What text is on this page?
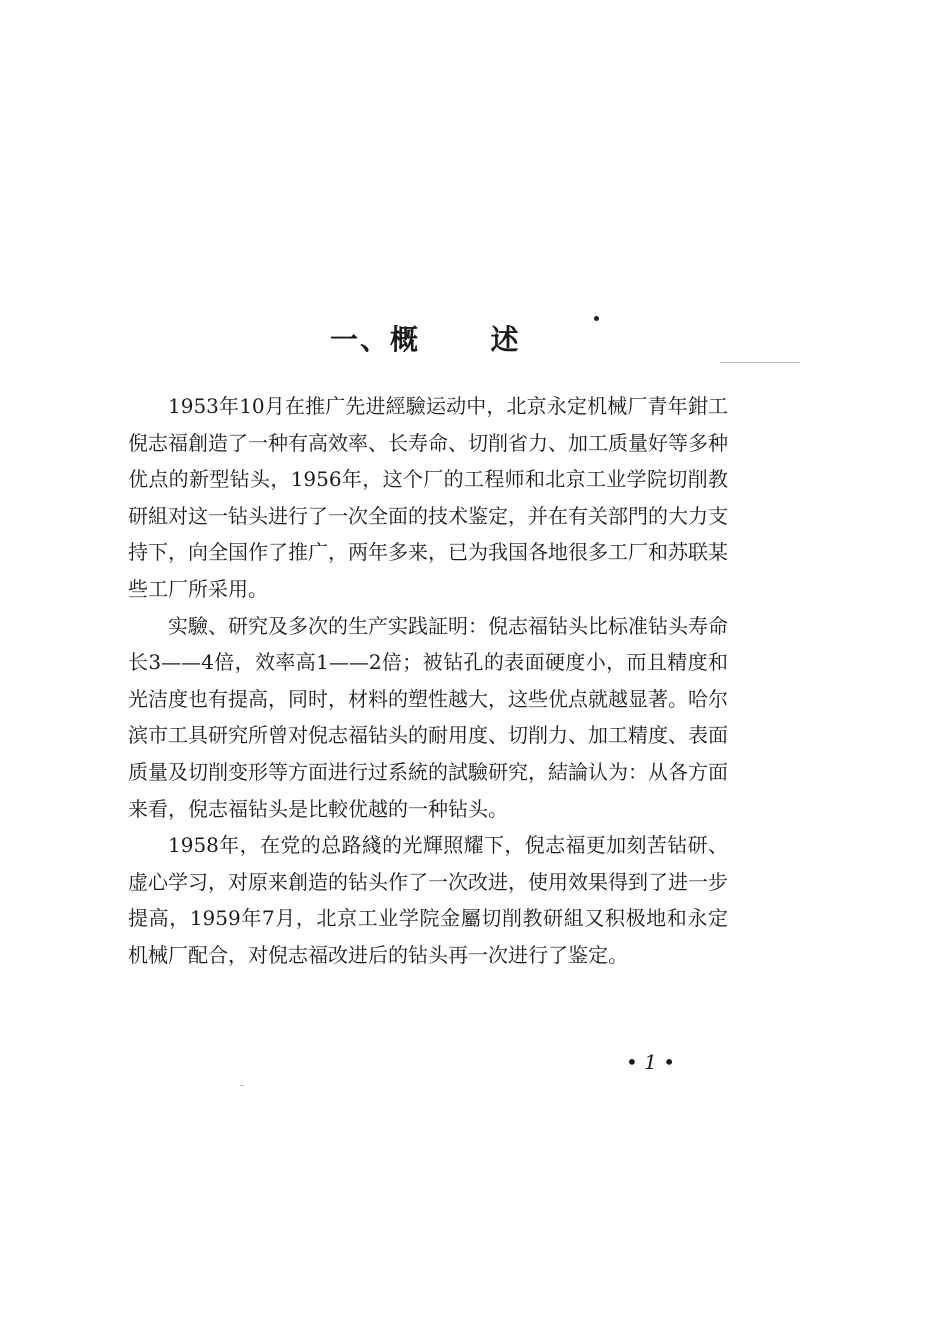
一、概      述

1953年10月在推广先进經驗运动中，北京永定机械厂青年鉗工倪志福創造了一种有高效率、长寿命、切削省力、加工质量好等多种优点的新型钻头，1956年，这个厂的工程师和北京工业学院切削教研組对这一钻头进行了一次全面的技术鉴定，并在有关部門的大力支持下，向全国作了推广，两年多来，已为我国各地很多工厂和苏联某些工厂所采用。

实驗、研究及多次的生产实践証明：倪志福钻头比标准钻头寿命长3——4倍，效率高1——2倍；被钻孔的表面硬度小，而且精度和光洁度也有提高，同时，材料的塑性越大，这些优点就越显著。哈尔滨市工具研究所曾对倪志福钻头的耐用度、切削力、加工精度、表面质量及切削变形等方面进行过系統的試驗研究，結論认为：从各方面来看，倪志福钻头是比較优越的一种钻头。

1958年，在党的总路綫的光輝照耀下，倪志福更加刻苦钻研、虚心学习，对原来創造的钻头作了一次改进，使用效果得到了进一步提高，1959年7月，北京工业学院金屬切削教研組又积极地和永定机械厂配合，对倪志福改进后的钻头再一次进行了鉴定。

• 1 •
